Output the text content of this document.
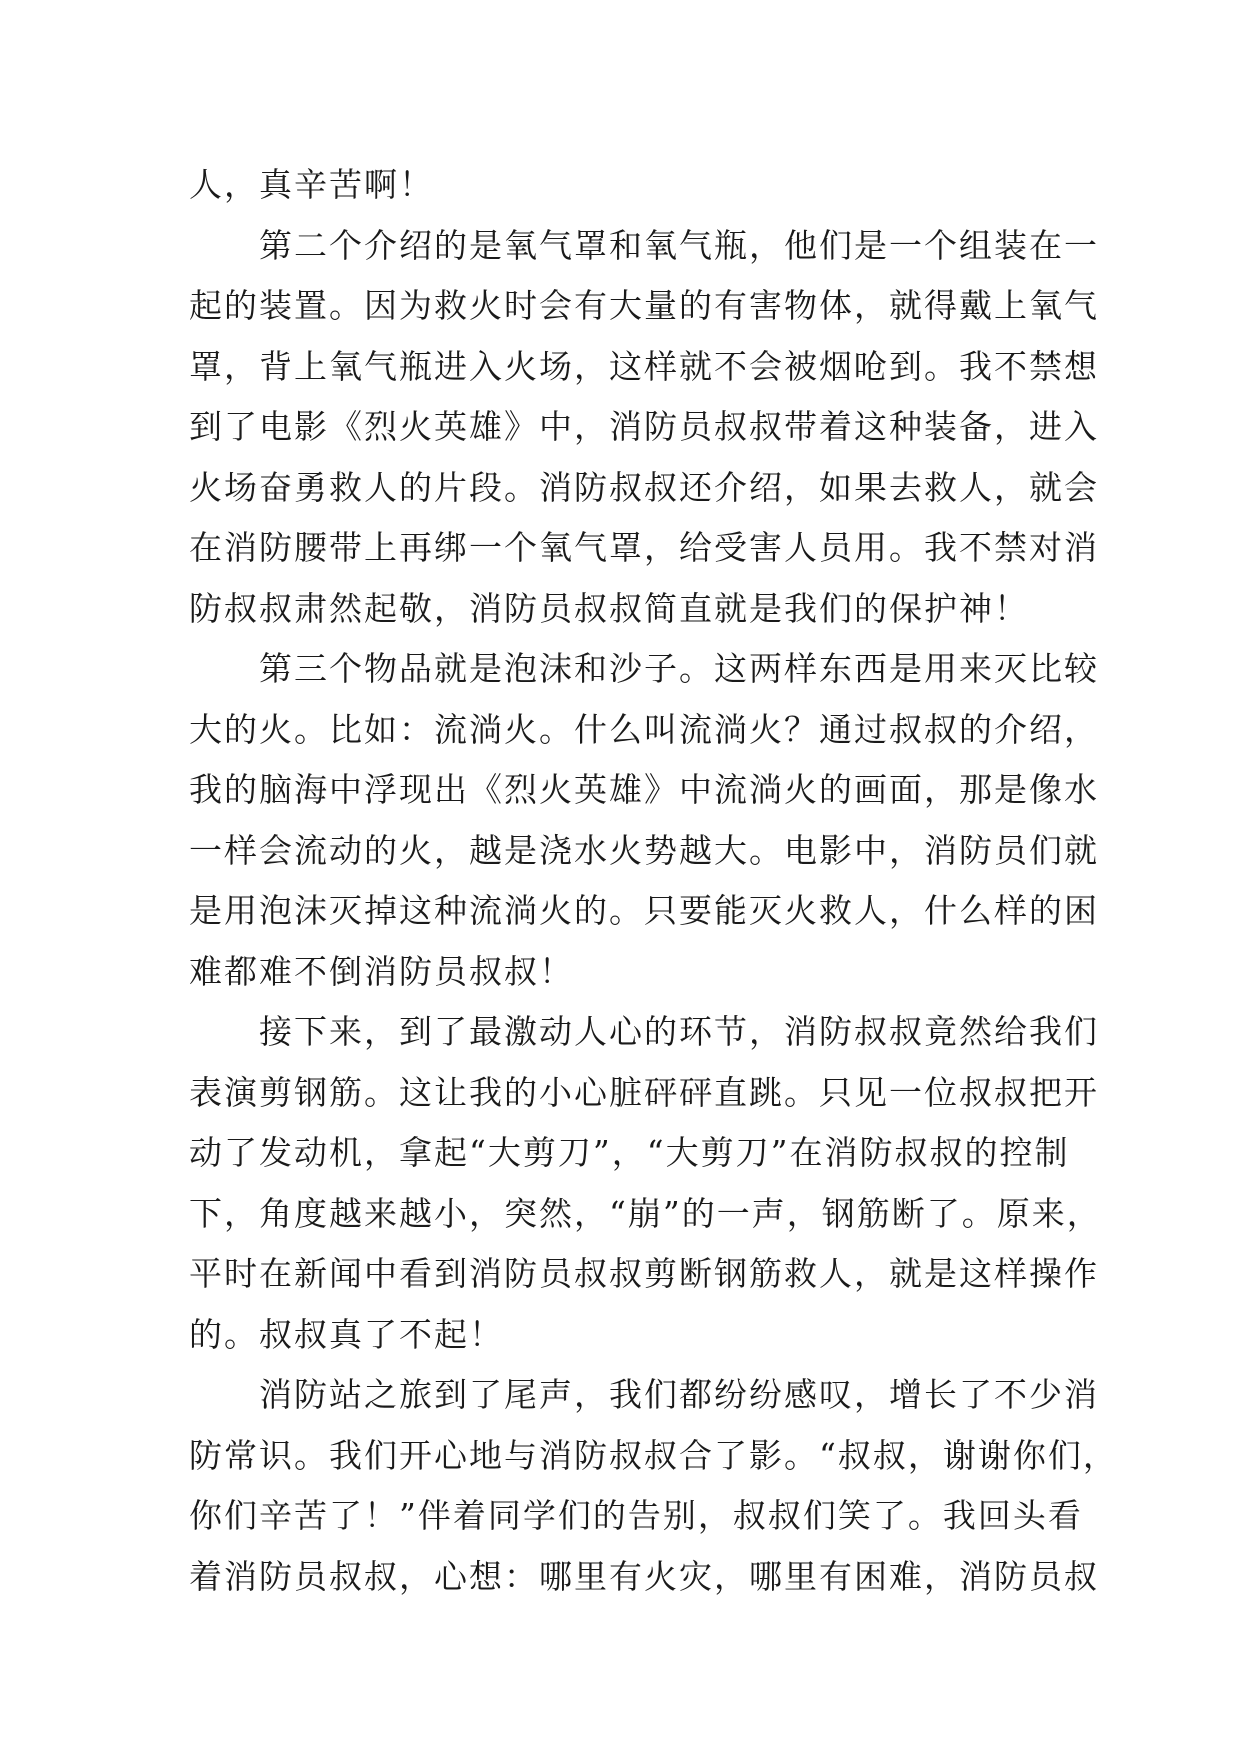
人，真辛苦啊！
第二个介绍的是氧气罩和氧气瓶，他们是一个组装在一
起的装置。因为救火时会有大量的有害物体，就得戴上氧气
罩，背上氧气瓶进入火场，这样就不会被烟呛到。我不禁想
到了电影《烈火英雄》中，消防员叔叔带着这种装备，进入
火场奋勇救人的片段。消防叔叔还介绍，如果去救人，就会
在消防腰带上再绑一个氧气罩，给受害人员用。我不禁对消
防叔叔肃然起敬，消防员叔叔简直就是我们的保护神！
第三个物品就是泡沫和沙子。这两样东西是用来灭比较
大的火。比如：流淌火。什么叫流淌火？通过叔叔的介绍，
我的脑海中浮现出《烈火英雄》中流淌火的画面，那是像水
一样会流动的火，越是浇水火势越大。电影中，消防员们就
是用泡沫灭掉这种流淌火的。只要能灭火救人，什么样的困
难都难不倒消防员叔叔！
接下来，到了最激动人心的环节，消防叔叔竟然给我们
表演剪钢筋。这让我的小心脏砰砰直跳。只见一位叔叔把开
动了发动机，拿起“大剪刀”，“大剪刀”在消防叔叔的控制
下，角度越来越小，突然，“崩”的一声，钢筋断了。原来，
平时在新闻中看到消防员叔叔剪断钢筋救人，就是这样操作
的。叔叔真了不起！
消防站之旅到了尾声，我们都纷纷感叹，增长了不少消
防常识。我们开心地与消防叔叔合了影。“叔叔，谢谢你们，
你们辛苦了！”伴着同学们的告别，叔叔们笑了。我回头看
着消防员叔叔，心想：哪里有火灾，哪里有困难，消防员叔
